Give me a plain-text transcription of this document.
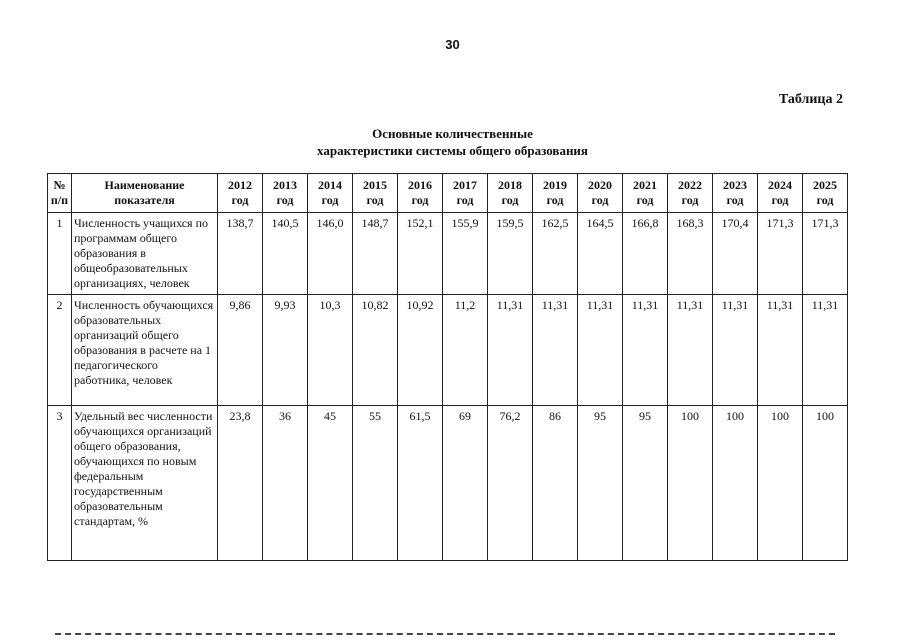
30
Таблица 2
Основные количественные
характеристики системы общего образования
№ п/п	Наименование показателя	2012 год	2013 год	2014 год	2015 год	2016 год	2017 год	2018 год	2019 год	2020 год	2021 год	2022 год	2023 год	2024 год	2025 год
1	Численность учащихся по программам общего образования в общеобразовательных организациях, человек	138,7	140,5	146,0	148,7	152,1	155,9	159,5	162,5	164,5	166,8	168,3	170,4	171,3	171,3
2	Численность обучающихся образовательных организаций общего образования в расчете на 1 педагогического работника, человек	9,86	9,93	10,3	10,82	10,92	11,2	11,31	11,31	11,31	11,31	11,31	11,31	11,31	11,31
3	Удельный вес численности обучающихся организаций общего образования, обучающихся по новым федеральным государственным образовательным стандартам, %	23,8	36	45	55	61,5	69	76,2	86	95	95	100	100	100	100
